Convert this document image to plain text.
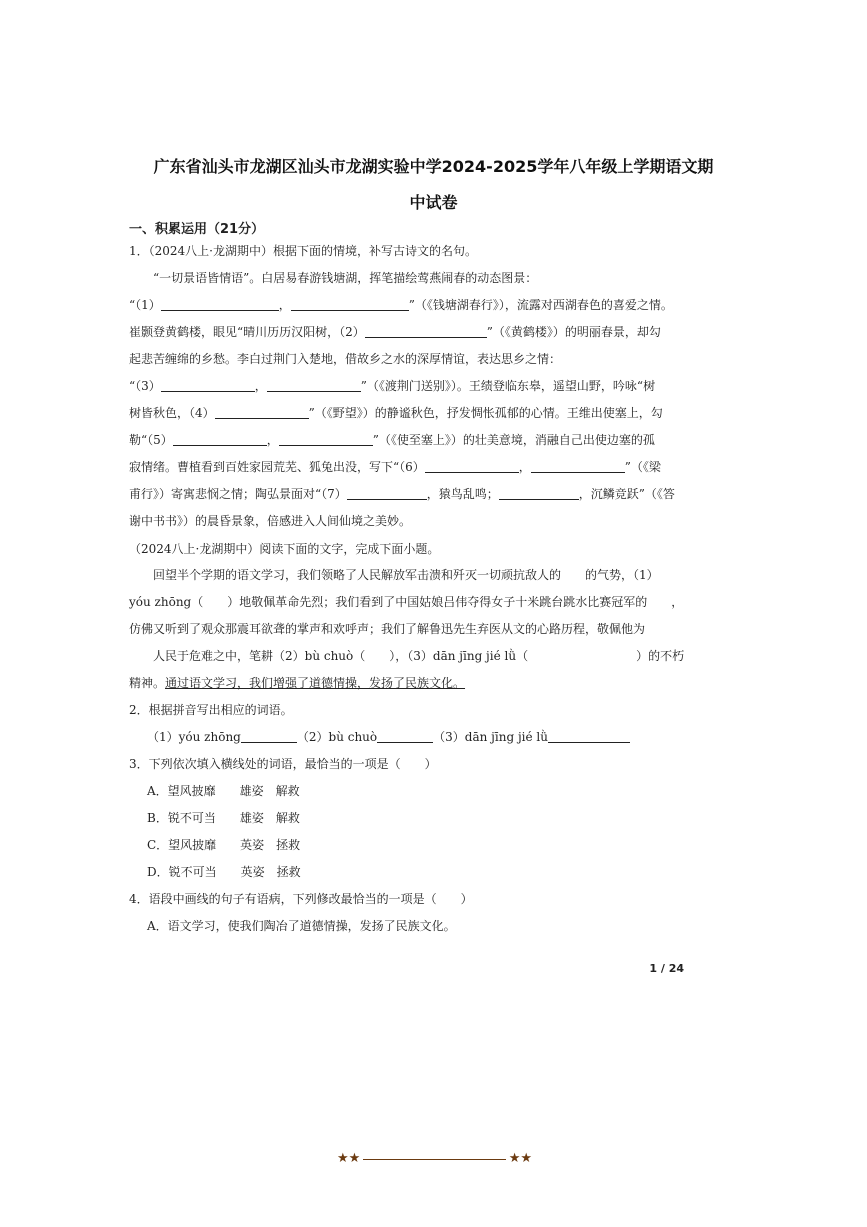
广东省汕头市龙湖区汕头市龙湖实验中学2024-2025学年八年级上学期语文期
中试卷
一、积累运用（21分）
1．（2024八上·龙湖期中）根据下面的情境，补写古诗文的名句。
“一切景语皆情语”。白居易春游钱塘湖，挥笔描绘莺燕闹春的动态图景：
“（1）	，	”（《钱塘湖春行》），流露对西湖春色的喜爱之情。
崔颢登黄鹤楼，眼见“晴川历历汉阳树，（2）	”（《黄鹤楼》）的明丽春景，却勾
起悲苦缠绵的乡愁。李白过荆门入楚地，借故乡之水的深厚情谊，表达思乡之情：
“（3）	，	”（《渡荆门送别》）。王绩登临东皋，遥望山野，吟咏“树
树皆秋色，（4）	”（《野望》）的静谧秋色，抒发惆怅孤郁的心情。王维出使塞上，勾
勒“（5）	，	”（《使至塞上》）的壮美意境，消融自己出使边塞的孤
寂情绪。曹植看到百姓家园荒芜、狐兔出没，写下“（6）	，	”（《梁
甫行》）寄寓悲悯之情；陶弘景面对“（7）	，猿鸟乱鸣；	，沉鳞竞跃”（《答
谢中书书》）的晨昏景象，倍感进入人间仙境之美妙。
（2024八上·龙湖期中）阅读下面的文字，完成下面小题。
回望半个学期的语文学习，我们领略了人民解放军击溃和歼灭一切顽抗敌人的　　的气势，（1）
yóu zhōng（　　）地敬佩革命先烈；我们看到了中国姑娘吕伟夺得女子十米跳台跳水比赛冠军的　　，
仿佛又听到了观众那震耳欲聋的掌声和欢呼声；我们了解鲁迅先生弃医从文的心路历程，敬佩他为
人民于危难之中，笔耕（2）bù chuò（　　），（3）dān jīng jié lǜ（	）的不朽
精神。通过语文学习，我们增强了道德情操，发扬了民族文化。
2．根据拼音写出相应的词语。
（1）yóu zhōng	（2）bù chuò	（3）dān jīng jié lǜ
3．下列依次填入横线处的词语，最恰当的一项是（　　）
A．望风披靡　　雄姿　解救
B．锐不可当　　雄姿　解救
C．望风披靡　　英姿　拯救
D．锐不可当　　英姿　拯救
4．语段中画线的句子有语病，下列修改最恰当的一项是（　　）
A．语文学习，使我们陶冶了道德情操，发扬了民族文化。
1 / 24
★★	★★
